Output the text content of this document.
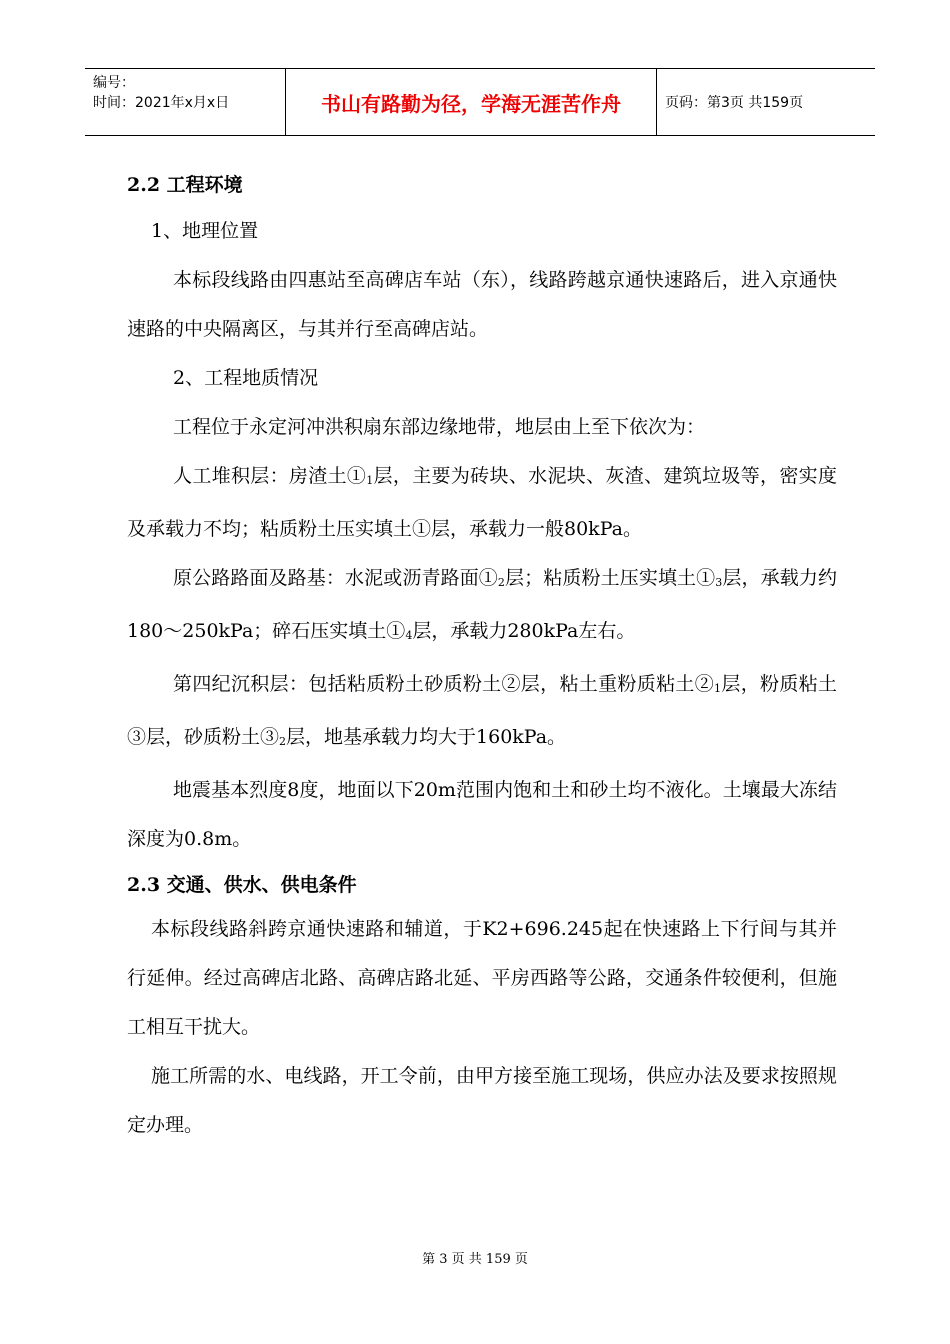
编号：
时间：2021年x月x日	书山有路勤为径，学海无涯苦作舟	页码：第3页 共159页

2.2 工程环境

1、地理位置

本标段线路由四惠站至高碑店车站（东），线路跨越京通快速路后，进入京通快速路的中央隔离区，与其并行至高碑店站。

2、工程地质情况

工程位于永定河冲洪积扇东部边缘地带，地层由上至下依次为：

人工堆积层：房渣土$①_1$层，主要为砖块、水泥块、灰渣、建筑垃圾等，密实度及承载力不均；粘质粉土压实填土①层，承载力一般80kPa。

原公路路面及路基：水泥或沥青路面$①_2$层；粘质粉土压实填土$①_3$层，承载力约180～250kPa；碎石压实填土$①_4$层，承载力280kPa左右。

第四纪沉积层：包括粘质粉土砂质粉土②层，粘土重粉质粘土$②_1$层，粉质粘土③层，砂质粉土$③_2$层，地基承载力均大于160kPa。

地震基本烈度8度，地面以下20m范围内饱和土和砂土均不液化。土壤最大冻结深度为0.8m。

2.3 交通、供水、供电条件

本标段线路斜跨京通快速路和辅道，于K2+696.245起在快速路上下行间与其并行延伸。经过高碑店北路、高碑店路北延、平房西路等公路，交通条件较便利，但施工相互干扰大。

施工所需的水、电线路，开工令前，由甲方接至施工现场，供应办法及要求按照规定办理。

第 3 页 共 159 页
